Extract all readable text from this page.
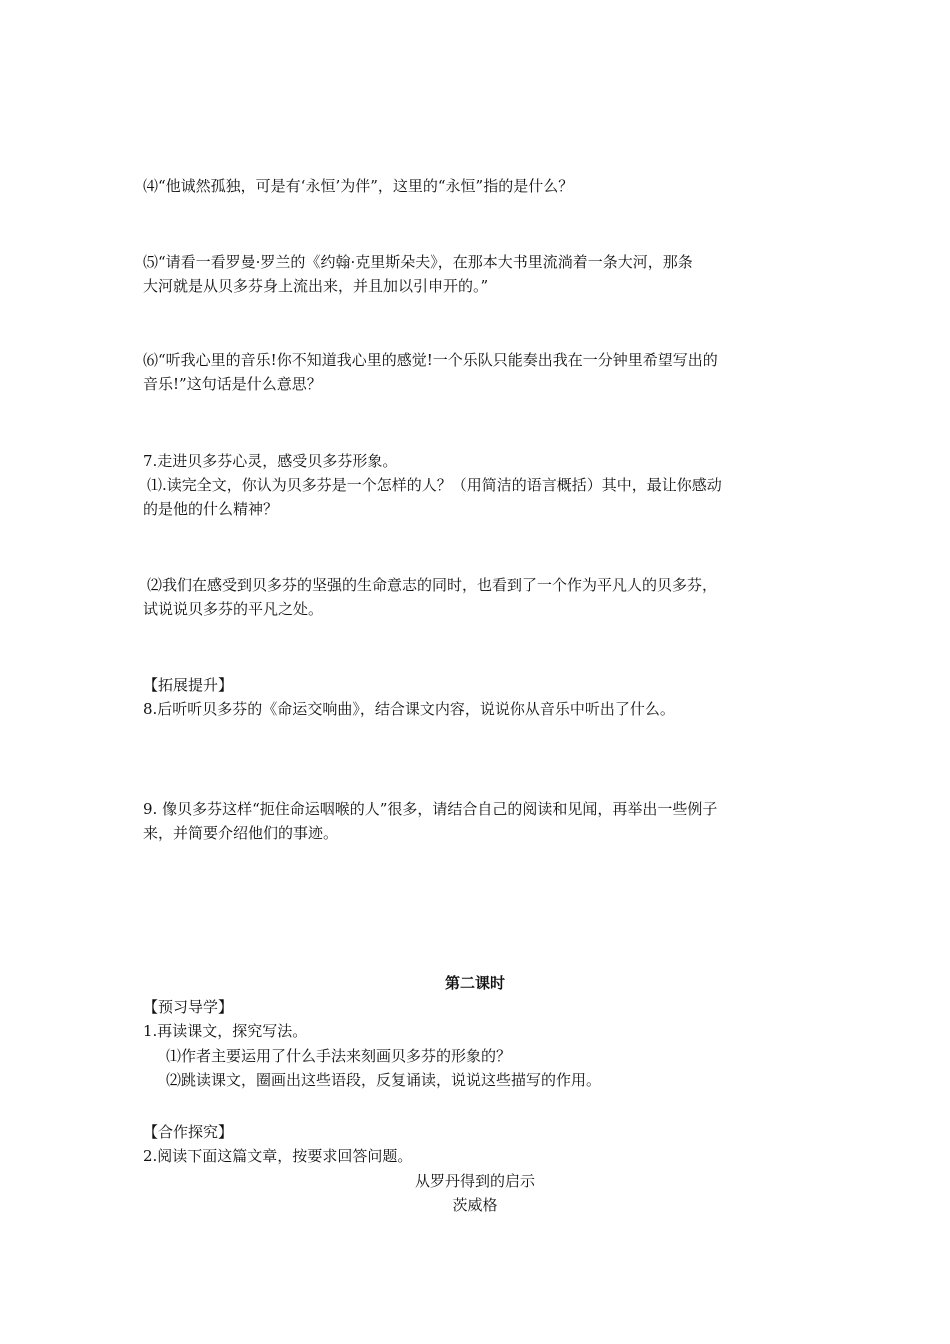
⑷“他诚然孤独，可是有‘永恒’为伴”，这里的“永恒”指的是什么？
⑸“请看一看罗曼·罗兰的《约翰·克里斯朵夫》，在那本大书里流淌着一条大河，那条
大河就是从贝多芬身上流出来，并且加以引申开的。”
⑹“听我心里的音乐!你不知道我心里的感觉!一个乐队只能奏出我在一分钟里希望写出的
音乐!”这句话是什么意思？
7.走进贝多芬心灵，感受贝多芬形象。
⑴.读完全文，你认为贝多芬是一个怎样的人？（用简洁的语言概括）其中，最让你感动
的是他的什么精神？
⑵我们在感受到贝多芬的坚强的生命意志的同时，也看到了一个作为平凡人的贝多芬，
试说说贝多芬的平凡之处。
【拓展提升】
8.后听听贝多芬的《命运交响曲》，结合课文内容，说说你从音乐中听出了什么。
9. 像贝多芬这样“扼住命运咽喉的人”很多，请结合自己的阅读和见闻，再举出一些例子
来，并简要介绍他们的事迹。
第二课时
【预习导学】
1.再读课文，探究写法。
⑴作者主要运用了什么手法来刻画贝多芬的形象的？
⑵跳读课文，圈画出这些语段，反复诵读，说说这些描写的作用。
【合作探究】
2.阅读下面这篇文章，按要求回答问题。
从罗丹得到的启示
茨威格
